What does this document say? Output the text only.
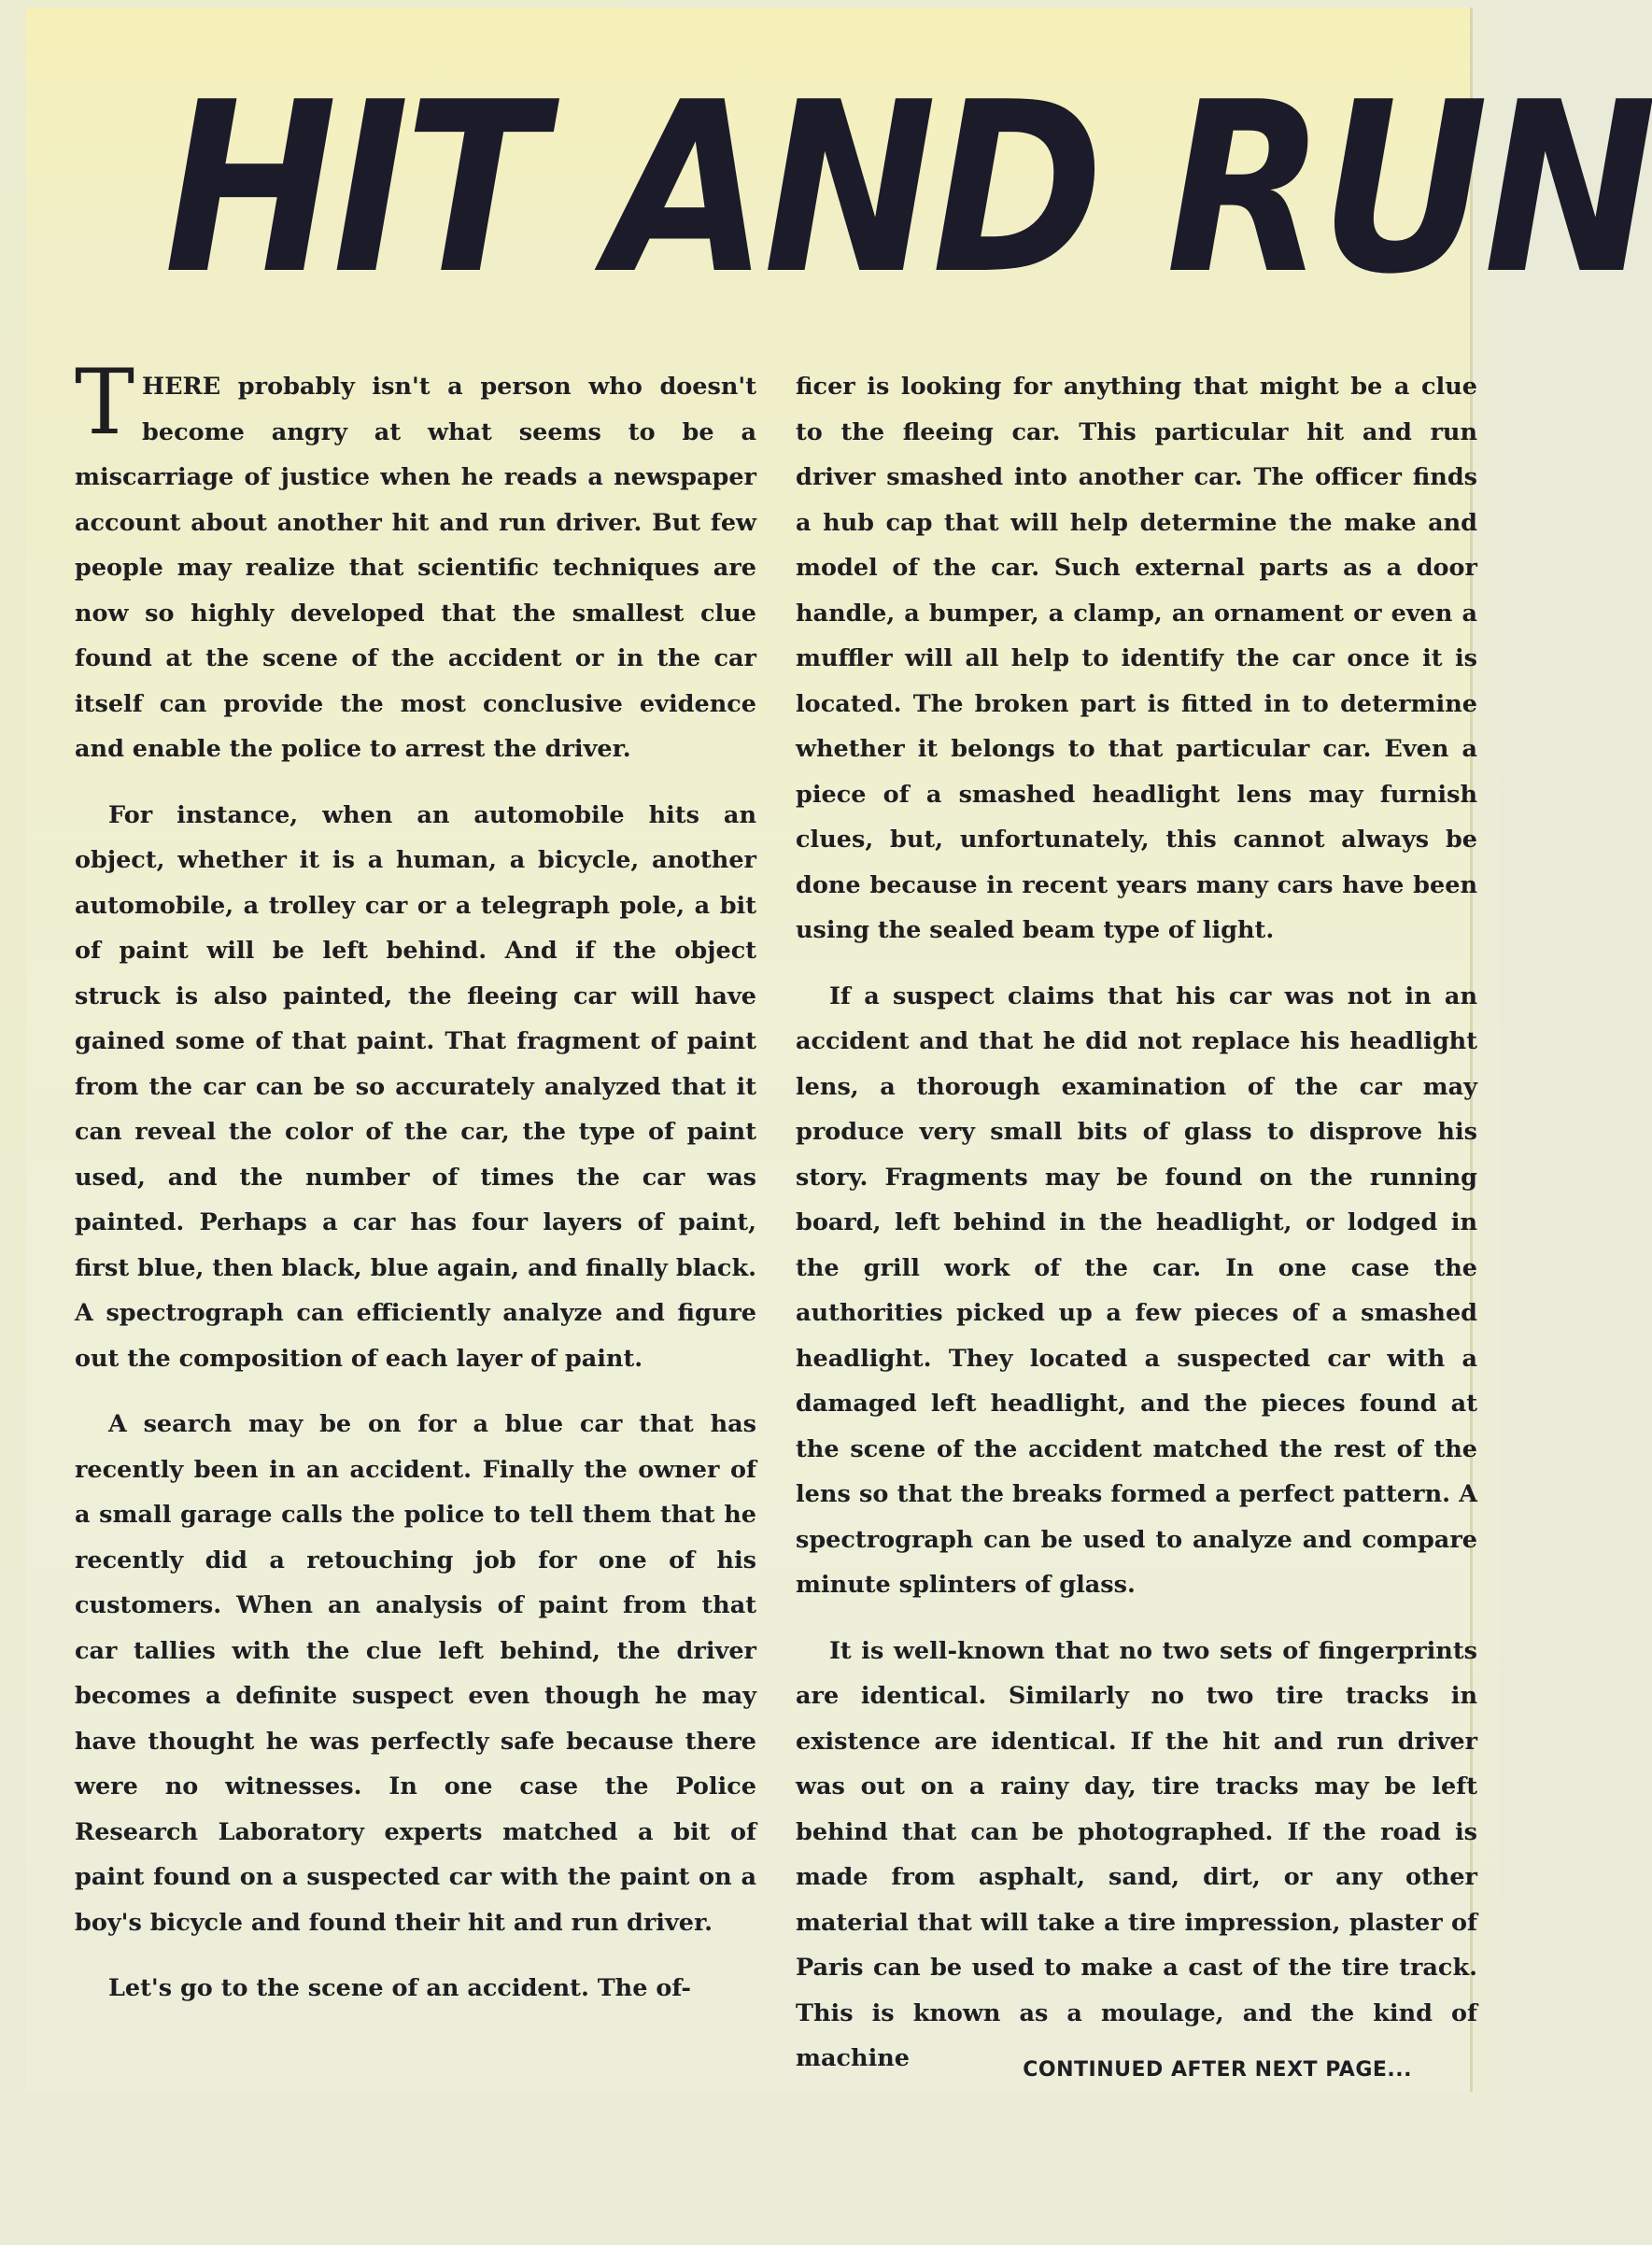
HIT AND RUN

THERE probably isn't a person who doesn't become angry at what seems to be a miscarriage of justice when he reads a newspaper account about another hit and run driver. But few people may realize that scientific techniques are now so highly developed that the smallest clue found at the scene of the accident or in the car itself can provide the most conclusive evidence and enable the police to arrest the driver.

For instance, when an automobile hits an object, whether it is a human, a bicycle, another automobile, a trolley car or a telegraph pole, a bit of paint will be left behind. And if the object struck is also painted, the fleeing car will have gained some of that paint. That fragment of paint from the car can be so accurately analyzed that it can reveal the color of the car, the type of paint used, and the number of times the car was painted. Perhaps a car has four layers of paint, first blue, then black, blue again, and finally black. A spectrograph can efficiently analyze and figure out the composition of each layer of paint.

A search may be on for a blue car that has recently been in an accident. Finally the owner of a small garage calls the police to tell them that he recently did a retouching job for one of his customers. When an analysis of paint from that car tallies with the clue left behind, the driver becomes a definite suspect even though he may have thought he was perfectly safe because there were no witnesses. In one case the Police Research Laboratory experts matched a bit of paint found on a suspected car with the paint on a boy's bicycle and found their hit and run driver.

Let's go to the scene of an accident. The of-

ficer is looking for anything that might be a clue to the fleeing car. This particular hit and run driver smashed into another car. The officer finds a hub cap that will help determine the make and model of the car. Such external parts as a door handle, a bumper, a clamp, an ornament or even a muffler will all help to identify the car once it is located. The broken part is fitted in to determine whether it belongs to that particular car. Even a piece of a smashed headlight lens may furnish clues, but, unfortunately, this cannot always be done because in recent years many cars have been using the sealed beam type of light.

If a suspect claims that his car was not in an accident and that he did not replace his headlight lens, a thorough examination of the car may produce very small bits of glass to disprove his story. Fragments may be found on the running board, left behind in the headlight, or lodged in the grill work of the car. In one case the authorities picked up a few pieces of a smashed headlight. They located a suspected car with a damaged left headlight, and the pieces found at the scene of the accident matched the rest of the lens so that the breaks formed a perfect pattern. A spectrograph can be used to analyze and compare minute splinters of glass.

It is well-known that no two sets of fingerprints are identical. Similarly no two tire tracks in existence are identical. If the hit and run driver was out on a rainy day, tire tracks may be left behind that can be photographed. If the road is made from asphalt, sand, dirt, or any other material that will take a tire impression, plaster of Paris can be used to make a cast of the tire track. This is known as a moulage, and the kind of machine	CONTINUED AFTER NEXT PAGE...
